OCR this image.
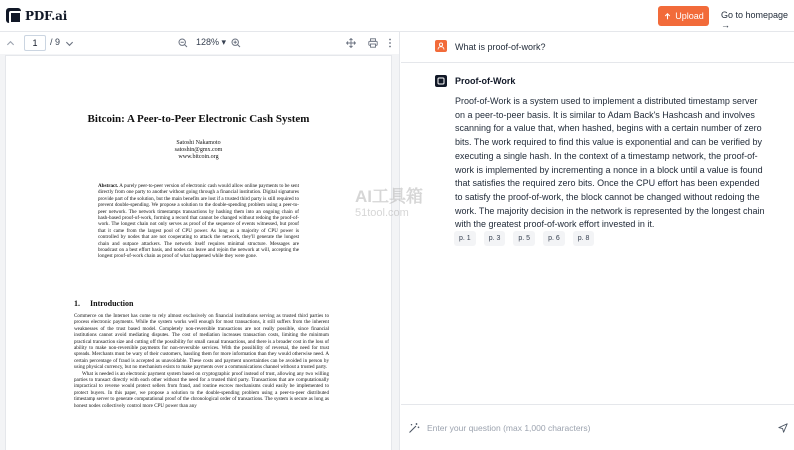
PDF.ai	Upload Go to homepage →
1
/ 9	128% ▾
Bitcoin: A Peer-to-Peer Electronic Cash System
Satoshi Nakamoto
satoshin@gmx.com
www.bitcoin.org
Abstract. A purely peer-to-peer version of electronic cash would allow online payments to be sent directly from one party to another without going through a financial institution. Digital signatures provide part of the solution, but the main benefits are lost if a trusted third party is still required to prevent double-spending. We propose a solution to the double-spending problem using a peer-to-peer network. The network timestamps transactions by hashing them into an ongoing chain of hash-based proof-of-work, forming a record that cannot be changed without redoing the proof-of-work. The longest chain not only serves as proof of the sequence of events witnessed, but proof that it came from the largest pool of CPU power. As long as a majority of CPU power is controlled by nodes that are not cooperating to attack the network, they'll generate the longest chain and outpace attackers. The network itself requires minimal structure. Messages are broadcast on a best effort basis, and nodes can leave and rejoin the network at will, accepting the longest proof-of-work chain as proof of what happened while they were gone.
1. Introduction

Commerce on the Internet has come to rely almost exclusively on financial institutions serving as trusted third parties to process electronic payments. While the system works well enough for most transactions, it still suffers from the inherent weaknesses of the trust based model. Completely non-reversible transactions are not really possible, since financial institutions cannot avoid mediating disputes. The cost of mediation increases transaction costs, limiting the minimum practical transaction size and cutting off the possibility for small casual transactions, and there is a broader cost in the loss of ability to make non-reversible payments for non-reversible services. With the possibility of reversal, the need for trust spreads. Merchants must be wary of their customers, hassling them for more information than they would otherwise need. A certain percentage of fraud is accepted as unavoidable. These costs and payment uncertainties can be avoided in person by using physical currency, but no mechanism exists to make payments over a communications channel without a trusted party.

What is needed is an electronic payment system based on cryptographic proof instead of trust, allowing any two willing parties to transact directly with each other without the need for a trusted third party. Transactions that are computationally impractical to reverse would protect sellers from fraud, and routine escrow mechanisms could easily be implemented to protect buyers. In this paper, we propose a solution to the double-spending problem using a peer-to-peer distributed timestamp server to generate computational proof of the chronological order of transactions. The system is secure as long as honest nodes collectively control more CPU power than any

What is proof-of-work?
Proof-of-Work
Proof-of-Work is a system used to implement a distributed timestamp server on a peer-to-peer basis. It is similar to Adam Back's Hashcash and involves scanning for a value that, when hashed, begins with a certain number of zero bits. The work required to find this value is exponential and can be verified by executing a single hash. In the context of a timestamp network, the proof-of-work is implemented by incrementing a nonce in a block until a value is found that satisfies the required zero bits. Once the CPU effort has been expended to satisfy the proof-of-work, the block cannot be changed without redoing the work. The majority decision in the network is represented by the longest chain with the greatest proof-of-work effort invested in it.
p. 1	p. 3	p. 5	p. 6	p. 8
Enter your question (max 1,000 characters)
AI工具箱
51tool.com
